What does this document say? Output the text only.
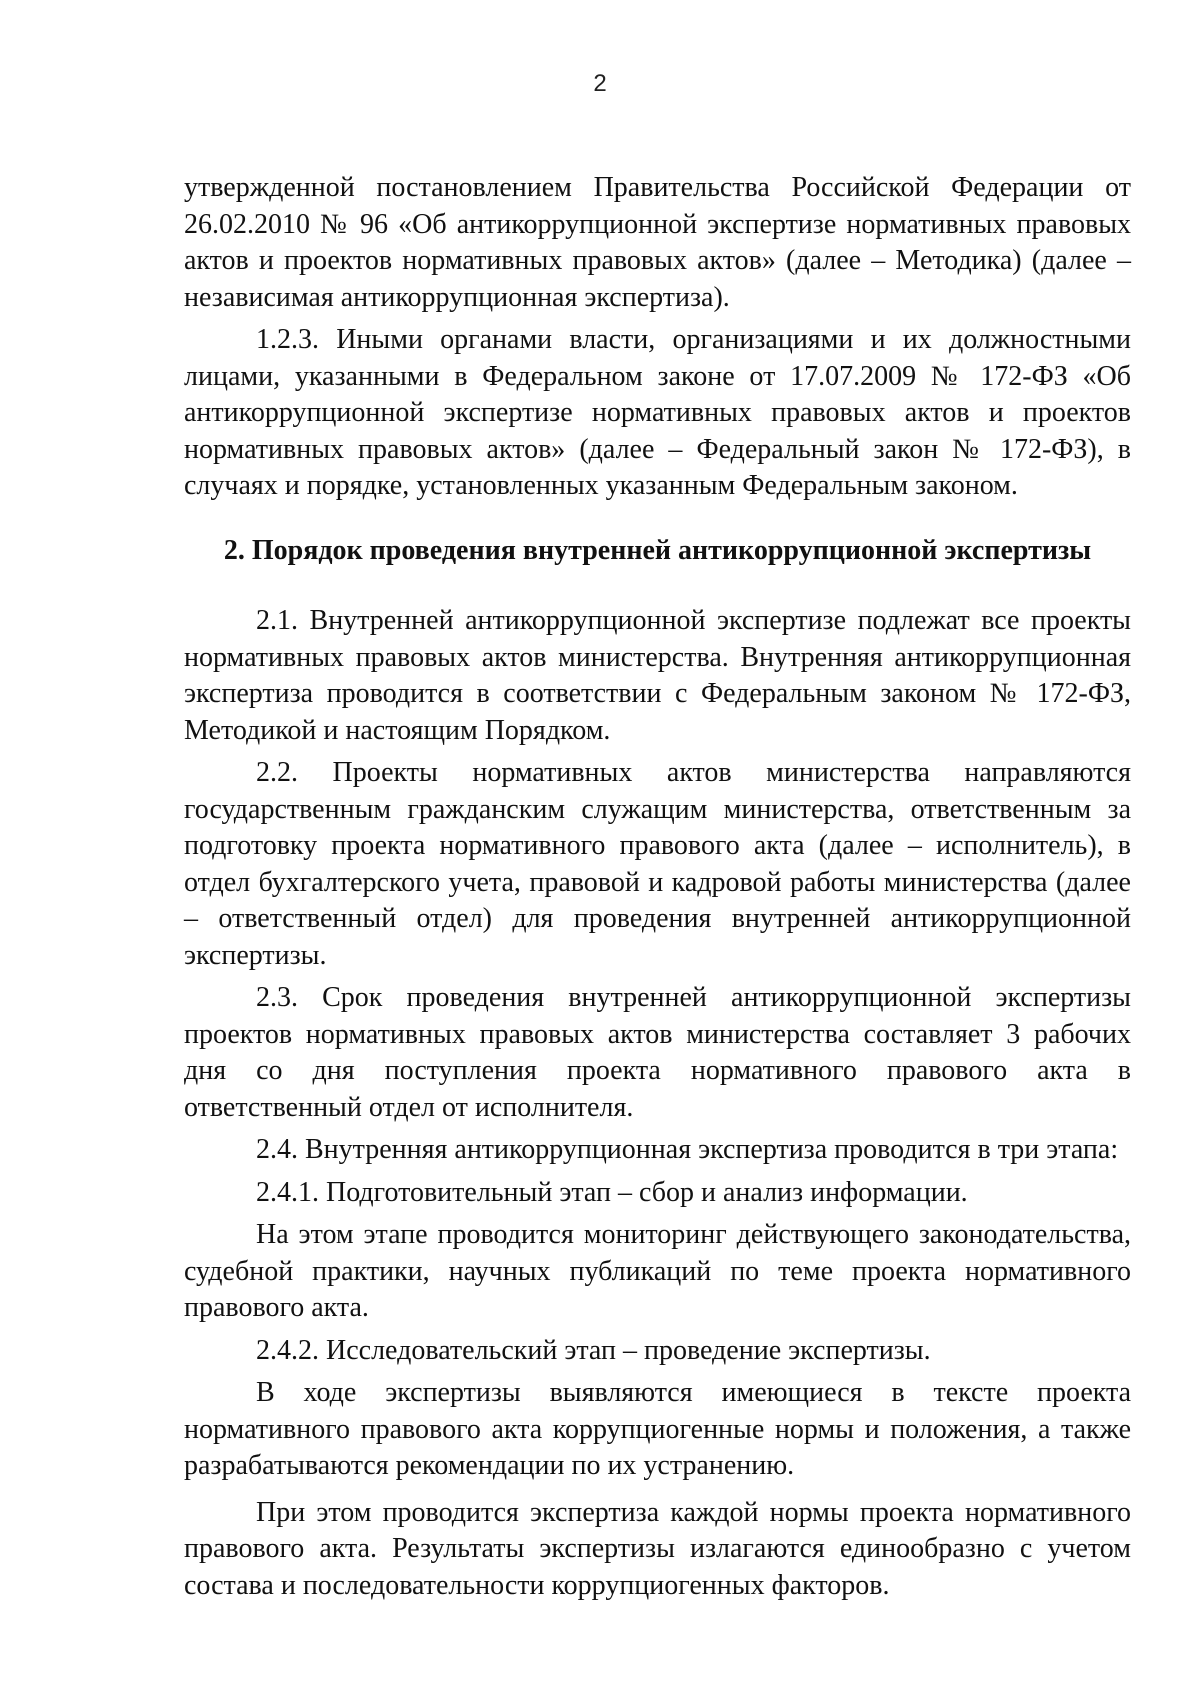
2

утвержденной постановлением Правительства Российской Федерации от 26.02.2010 № 96 «Об антикоррупционной экспертизе нормативных правовых актов и проектов нормативных правовых актов» (далее – Методика) (далее – независимая антикоррупционная экспертиза).

1.2.3. Иными органами власти, организациями и их должностными лицами, указанными в Федеральном законе от 17.07.2009 № 172-ФЗ «Об антикоррупционной экспертизе нормативных правовых актов и проектов нормативных правовых актов» (далее – Федеральный закон № 172-ФЗ), в случаях и порядке, установленных указанным Федеральным законом.

2. Порядок проведения внутренней антикоррупционной экспертизы

2.1. Внутренней антикоррупционной экспертизе подлежат все проекты нормативных правовых актов министерства. Внутренняя антикоррупционная экспертиза проводится в соответствии с Федеральным законом № 172-ФЗ, Методикой и настоящим Порядком.

2.2. Проекты нормативных актов министерства направляются государственным гражданским служащим министерства, ответственным за подготовку проекта нормативного правового акта (далее – исполнитель), в отдел бухгалтерского учета, правовой и кадровой работы министерства (далее – ответственный отдел) для проведения внутренней антикоррупционной экспертизы.

2.3. Срок проведения внутренней антикоррупционной экспертизы проектов нормативных правовых актов министерства составляет 3 рабочих дня со дня поступления проекта нормативного правового акта в ответственный отдел от исполнителя.

2.4. Внутренняя антикоррупционная экспертиза проводится в три этапа:

2.4.1. Подготовительный этап – сбор и анализ информации.

На этом этапе проводится мониторинг действующего законодательства, судебной практики, научных публикаций по теме проекта нормативного правового акта.

2.4.2. Исследовательский этап – проведение экспертизы.

В ходе экспертизы выявляются имеющиеся в тексте проекта нормативного правового акта коррупциогенные нормы и положения, а также разрабатываются рекомендации по их устранению.

При этом проводится экспертиза каждой нормы проекта нормативного правового акта. Результаты экспертизы излагаются единообразно с учетом состава и последовательности коррупциогенных факторов.
